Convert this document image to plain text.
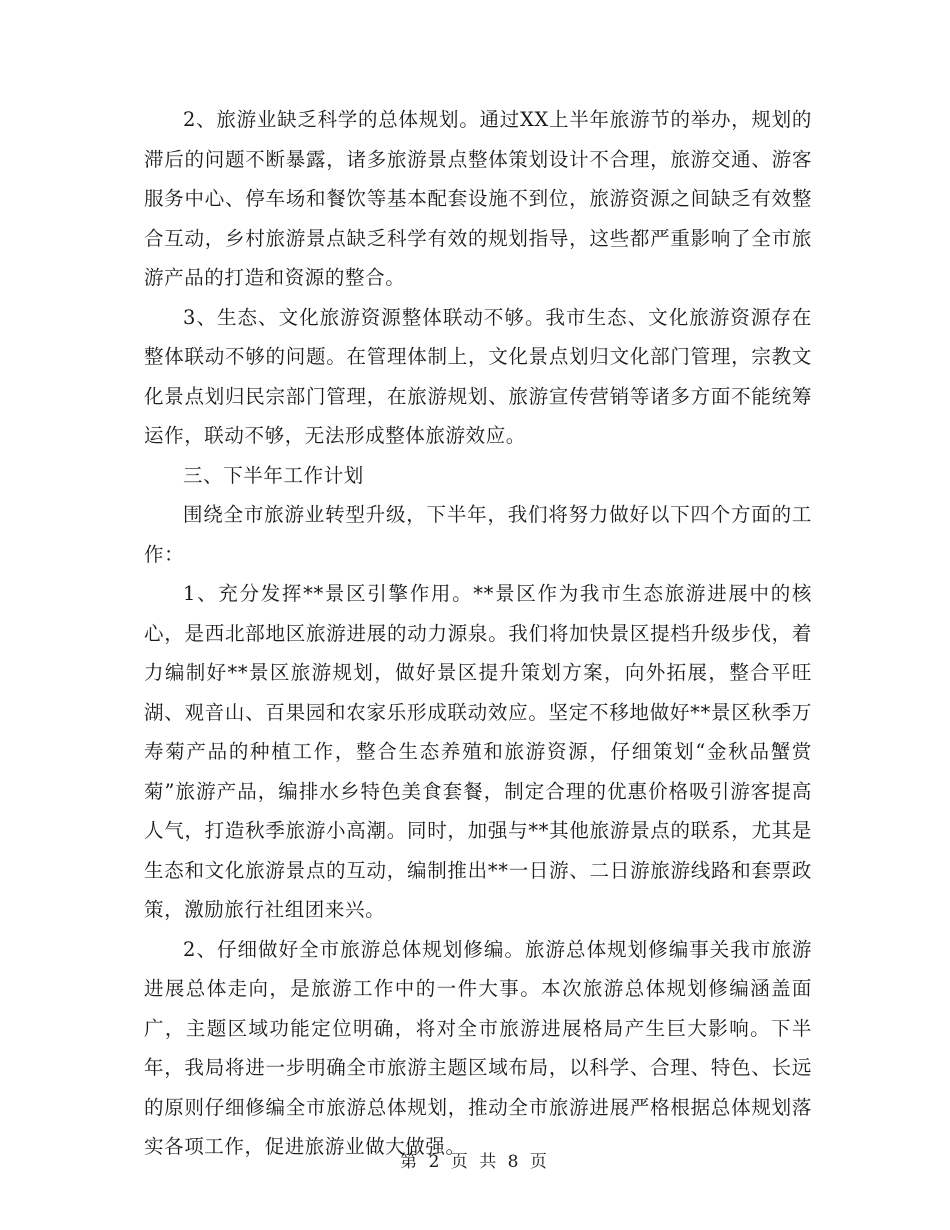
2、旅游业缺乏科学的总体规划。通过XX上半年旅游节的举办，规划的滞后的问题不断暴露，诸多旅游景点整体策划设计不合理，旅游交通、游客服务中心、停车场和餐饮等基本配套设施不到位，旅游资源之间缺乏有效整合互动，乡村旅游景点缺乏科学有效的规划指导，这些都严重影响了全市旅游产品的打造和资源的整合。

3、生态、文化旅游资源整体联动不够。我市生态、文化旅游资源存在整体联动不够的问题。在管理体制上，文化景点划归文化部门管理，宗教文化景点划归民宗部门管理，在旅游规划、旅游宣传营销等诸多方面不能统筹运作，联动不够，无法形成整体旅游效应。

三、下半年工作计划

围绕全市旅游业转型升级，下半年，我们将努力做好以下四个方面的工作：

1、充分发挥**景区引擎作用。**景区作为我市生态旅游进展中的核心，是西北部地区旅游进展的动力源泉。我们将加快景区提档升级步伐，着力编制好**景区旅游规划，做好景区提升策划方案，向外拓展，整合平旺湖、观音山、百果园和农家乐形成联动效应。坚定不移地做好**景区秋季万寿菊产品的种植工作，整合生态养殖和旅游资源，仔细策划“金秋品蟹赏菊”旅游产品，编排水乡特色美食套餐，制定合理的优惠价格吸引游客提高人气，打造秋季旅游小高潮。同时，加强与**其他旅游景点的联系，尤其是生态和文化旅游景点的互动，编制推出**一日游、二日游旅游线路和套票政策，激励旅行社组团来兴。

2、仔细做好全市旅游总体规划修编。旅游总体规划修编事关我市旅游进展总体走向，是旅游工作中的一件大事。本次旅游总体规划修编涵盖面广，主题区域功能定位明确，将对全市旅游进展格局产生巨大影响。下半年，我局将进一步明确全市旅游主题区域布局，以科学、合理、特色、长远的原则仔细修编全市旅游总体规划，推动全市旅游进展严格根据总体规划落实各项工作，促进旅游业做大做强。

第 2 页 共 8 页
